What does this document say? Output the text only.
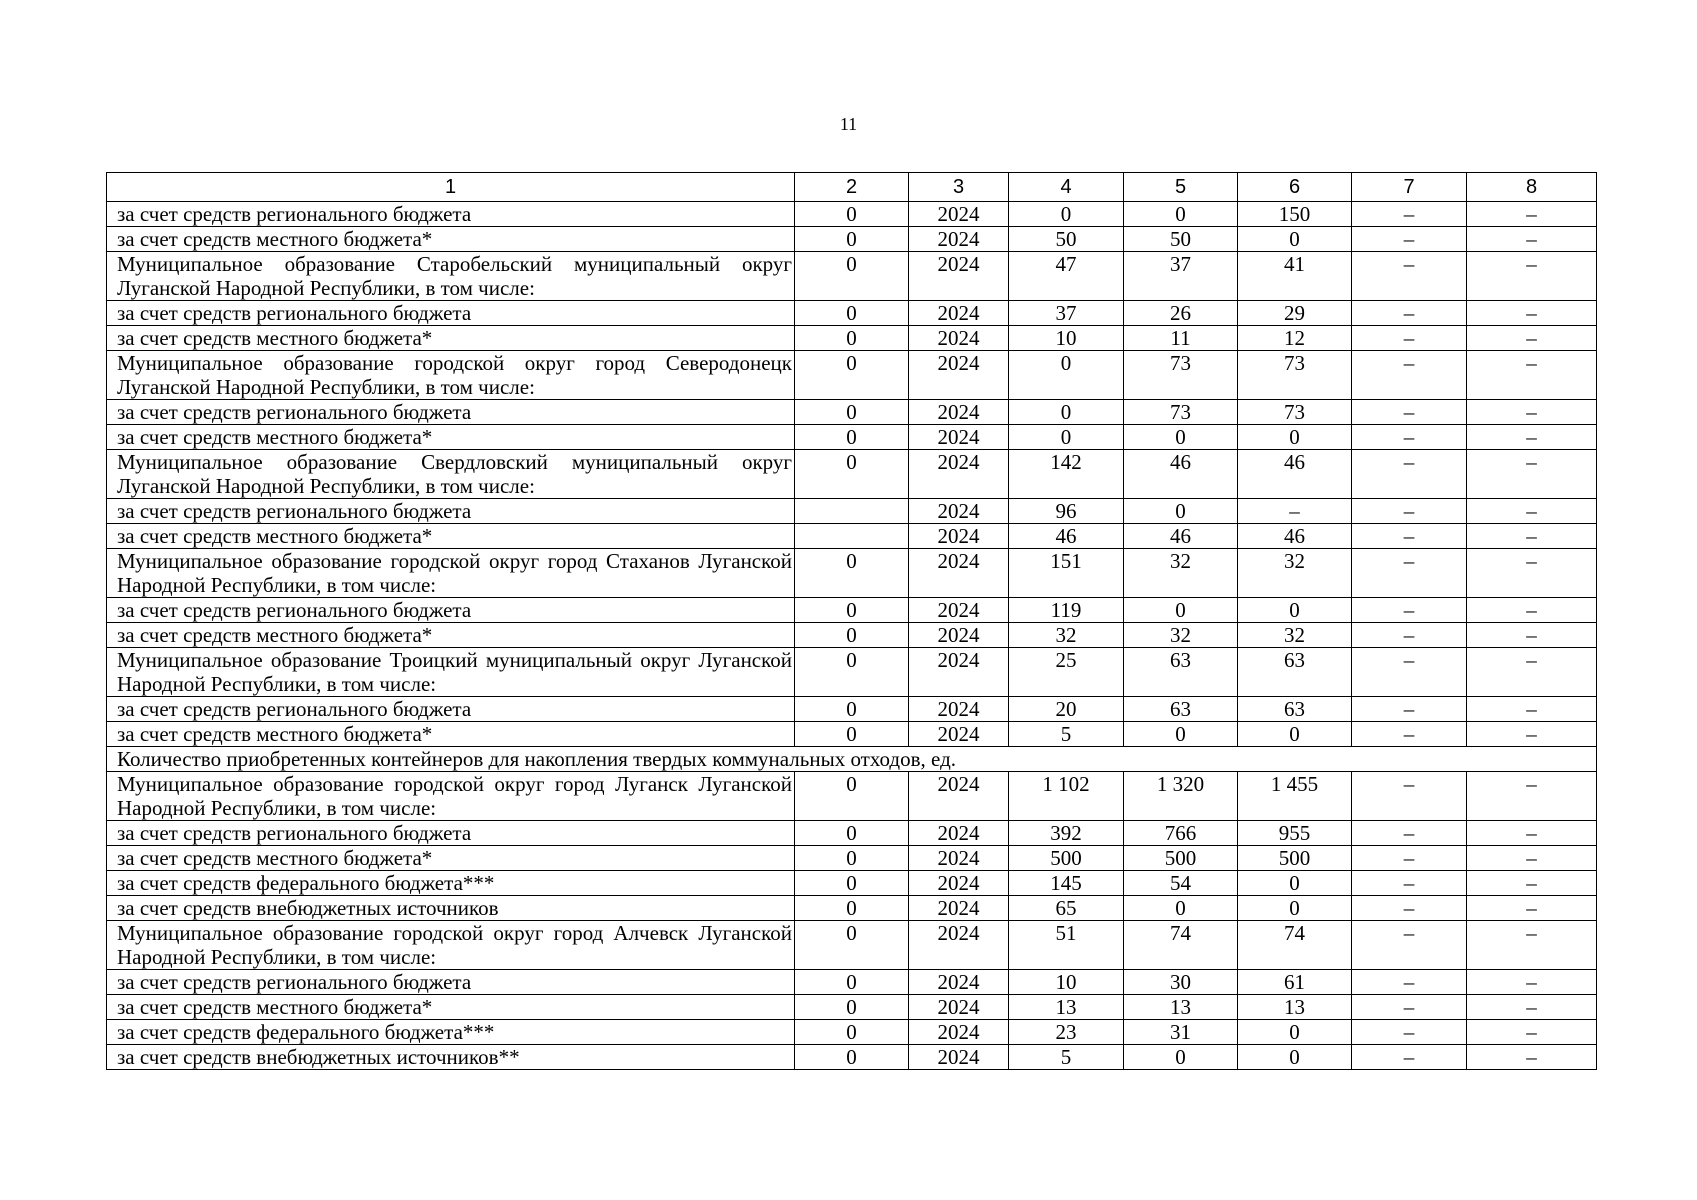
11
1	2	3	4	5	6	7	8
за счет средств регионального бюджета	0	2024	0	0	150	–	–
за счет средств местного бюджета*	0	2024	50	50	0	–	–
Муниципальное образование Старобельский муниципальный округ Луганской Народной Республики, в том числе:	0	2024	47	37	41	–	–
за счет средств регионального бюджета	0	2024	37	26	29	–	–
за счет средств местного бюджета*	0	2024	10	11	12	–	–
Муниципальное образование городской округ город Северодонецк Луганской Народной Республики, в том числе:	0	2024	0	73	73	–	–
за счет средств регионального бюджета	0	2024	0	73	73	–	–
за счет средств местного бюджета*	0	2024	0	0	0	–	–
Муниципальное образование Свердловский муниципальный округ Луганской Народной Республики, в том числе:	0	2024	142	46	46	–	–
за счет средств регионального бюджета		2024	96	0	–	–	–
за счет средств местного бюджета*		2024	46	46	46	–	–
Муниципальное образование городской округ город Стаханов Луганской Народной Республики, в том числе:	0	2024	151	32	32	–	–
за счет средств регионального бюджета	0	2024	119	0	0	–	–
за счет средств местного бюджета*	0	2024	32	32	32	–	–
Муниципальное образование Троицкий муниципальный округ Луганской Народной Республики, в том числе:	0	2024	25	63	63	–	–
за счет средств регионального бюджета	0	2024	20	63	63	–	–
за счет средств местного бюджета*	0	2024	5	0	0	–	–
Количество приобретенных контейнеров для накопления твердых коммунальных отходов, ед.							
Муниципальное образование городской округ город Луганск Луганской Народной Республики, в том числе:	0	2024	1 102	1 320	1 455	–	–
за счет средств регионального бюджета	0	2024	392	766	955	–	–
за счет средств местного бюджета*	0	2024	500	500	500	–	–
за счет средств федерального бюджета***	0	2024	145	54	0	–	–
за счет средств внебюджетных источников	0	2024	65	0	0	–	–
Муниципальное образование городской округ город Алчевск Луганской Народной Республики, в том числе:	0	2024	51	74	74	–	–
за счет средств регионального бюджета	0	2024	10	30	61	–	–
за счет средств местного бюджета*	0	2024	13	13	13	–	–
за счет средств федерального бюджета***	0	2024	23	31	0	–	–
за счет средств внебюджетных источников**	0	2024	5	0	0	–	–
